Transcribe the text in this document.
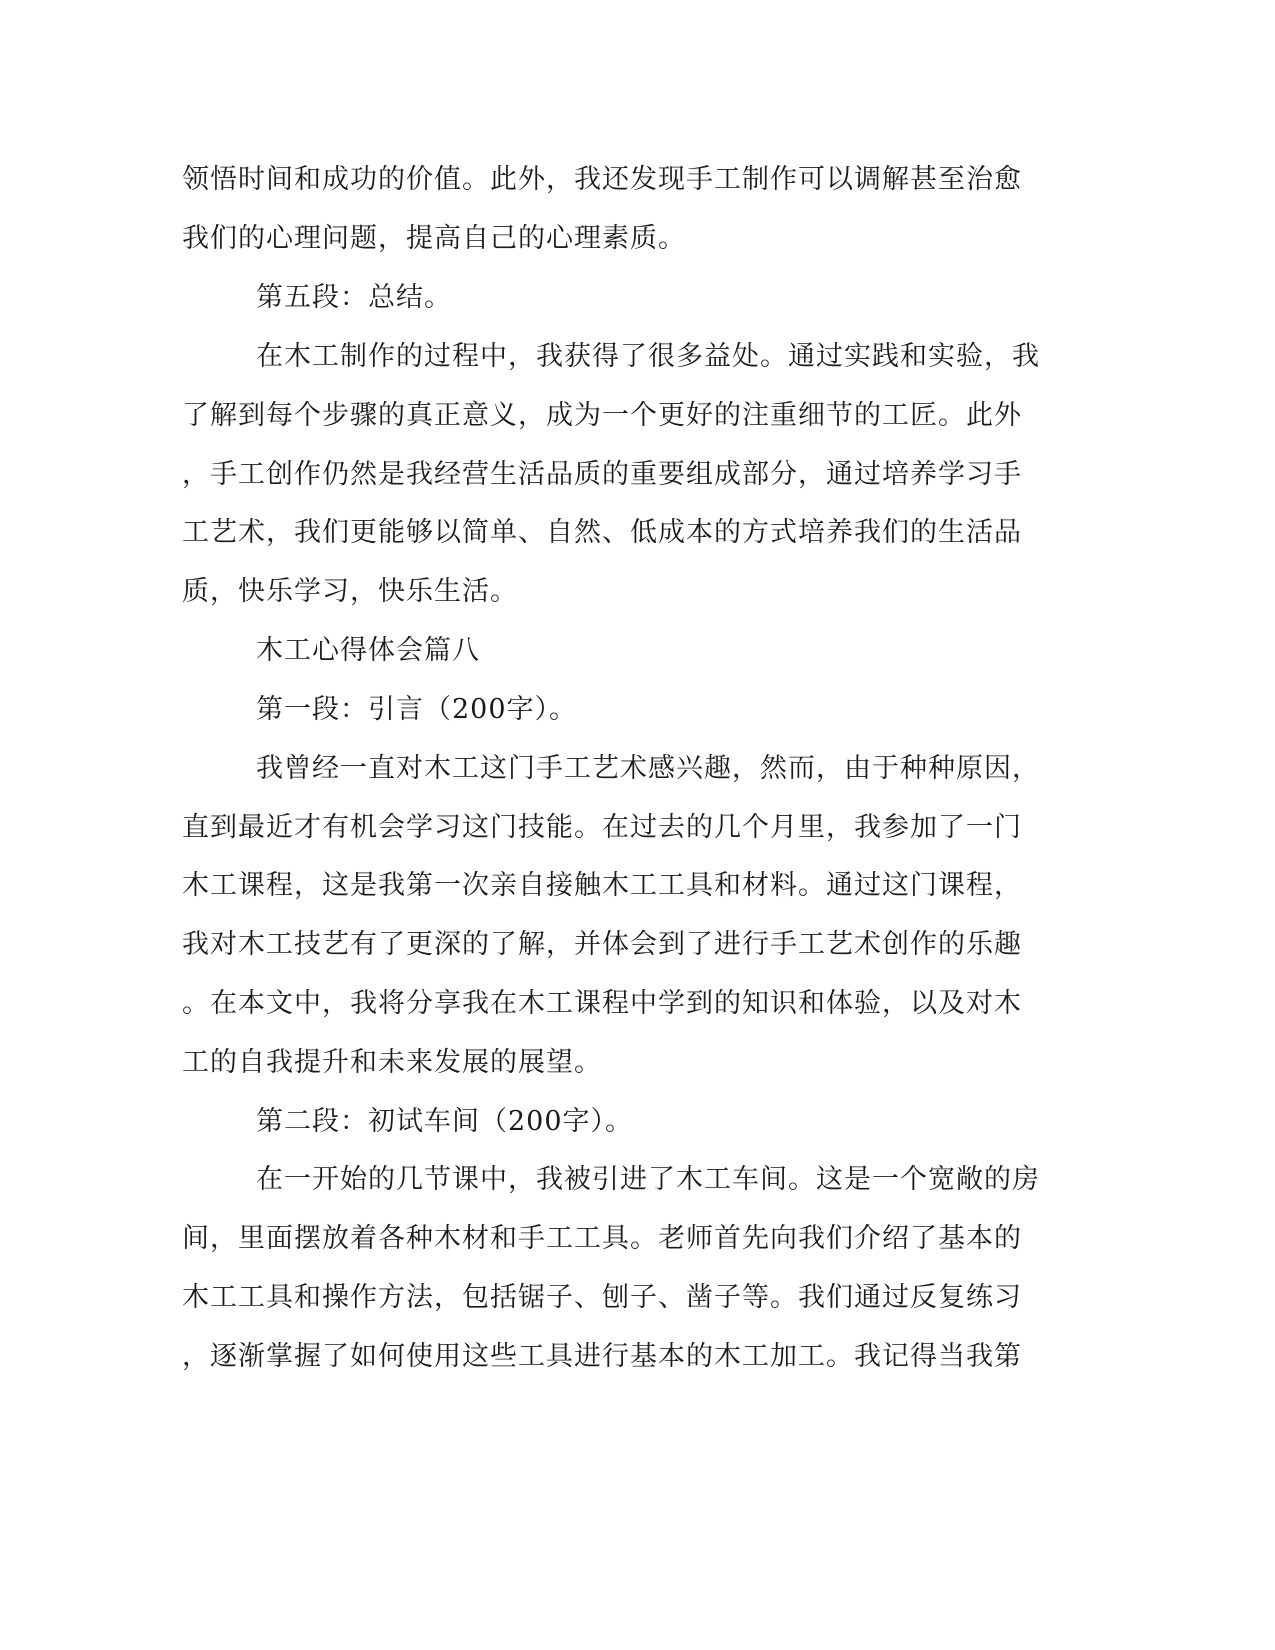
领悟时间和成功的价值。此外，我还发现手工制作可以调解甚至治愈
我们的心理问题，提高自己的心理素质。
第五段：总结。
在木工制作的过程中，我获得了很多益处。通过实践和实验，我
了解到每个步骤的真正意义，成为一个更好的注重细节的工匠。此外
，手工创作仍然是我经营生活品质的重要组成部分，通过培养学习手
工艺术，我们更能够以简单、自然、低成本的方式培养我们的生活品
质，快乐学习，快乐生活。
木工心得体会篇八
第一段：引言（200字）。
我曾经一直对木工这门手工艺术感兴趣，然而，由于种种原因，
直到最近才有机会学习这门技能。在过去的几个月里，我参加了一门
木工课程，这是我第一次亲自接触木工工具和材料。通过这门课程，
我对木工技艺有了更深的了解，并体会到了进行手工艺术创作的乐趣
。在本文中，我将分享我在木工课程中学到的知识和体验，以及对木
工的自我提升和未来发展的展望。
第二段：初试车间（200字）。
在一开始的几节课中，我被引进了木工车间。这是一个宽敞的房
间，里面摆放着各种木材和手工工具。老师首先向我们介绍了基本的
木工工具和操作方法，包括锯子、刨子、凿子等。我们通过反复练习
，逐渐掌握了如何使用这些工具进行基本的木工加工。我记得当我第
